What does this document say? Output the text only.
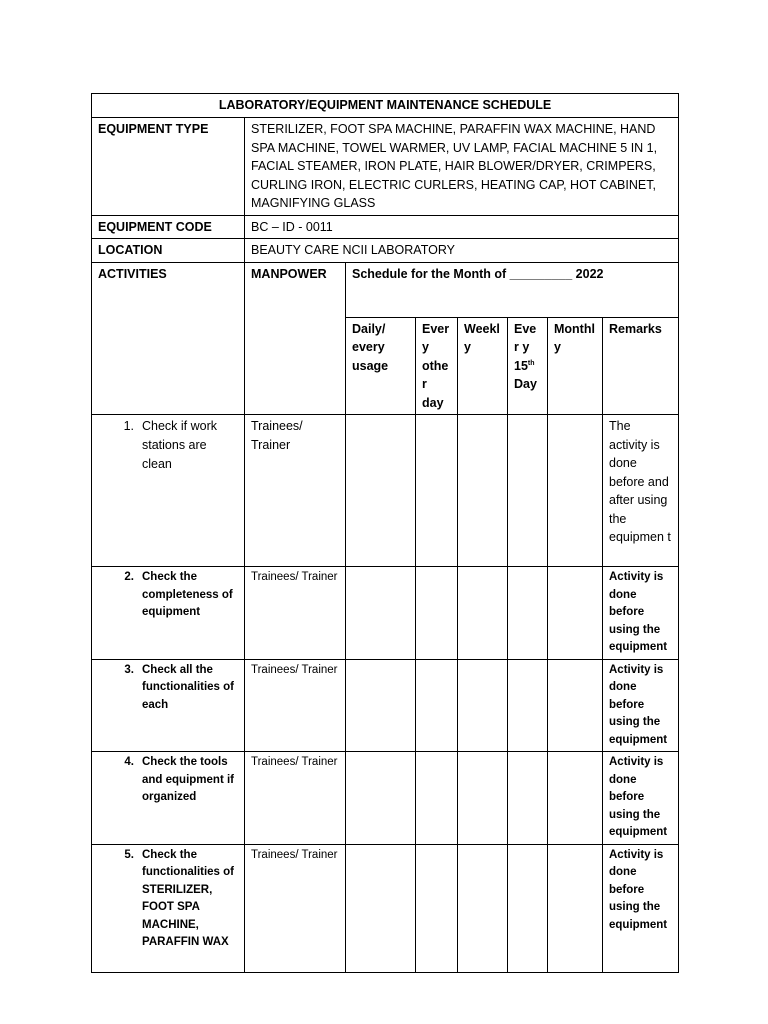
LABORATORY/EQUIPMENT MAINTENANCE SCHEDULE							
EQUIPMENT TYPE	STERILIZER, FOOT SPA MACHINE, PARAFFIN WAX MACHINE, HAND SPA MACHINE, TOWEL WARMER, UV LAMP, FACIAL MACHINE 5 IN 1, FACIAL STEAMER, IRON PLATE, HAIR BLOWER/DRYER, CRIMPERS, CURLING IRON, ELECTRIC CURLERS, HEATING CAP, HOT CABINET, MAGNIFYING GLASS						
EQUIPMENT CODE	BC – ID - 0011						
LOCATION	BEAUTY CARE NCII LABORATORY						
ACTIVITIES	MANPOWER	Schedule for the Month of _________ 2022					
		Daily/ every usage	Ever y othe r day	Weekl y	Ever y 15th Day	Monthl y	Remarks

1. Check if work stations are clean	Trainees/ Trainer						The activity is done before and after using the equipmen t

2. Check the completeness of equipment	Trainees/ Trainer						Activity is done before using the equipment

3. Check all the functionalities of each	Trainees/ Trainer						Activity is done before using the equipment

4. Check the tools and equipment if organized	Trainees/ Trainer						Activity is done before using the equipment

5. Check the functionalities of STERILIZER, FOOT SPA MACHINE, PARAFFIN WAX	Trainees/ Trainer						Activity is done before using the equipment
